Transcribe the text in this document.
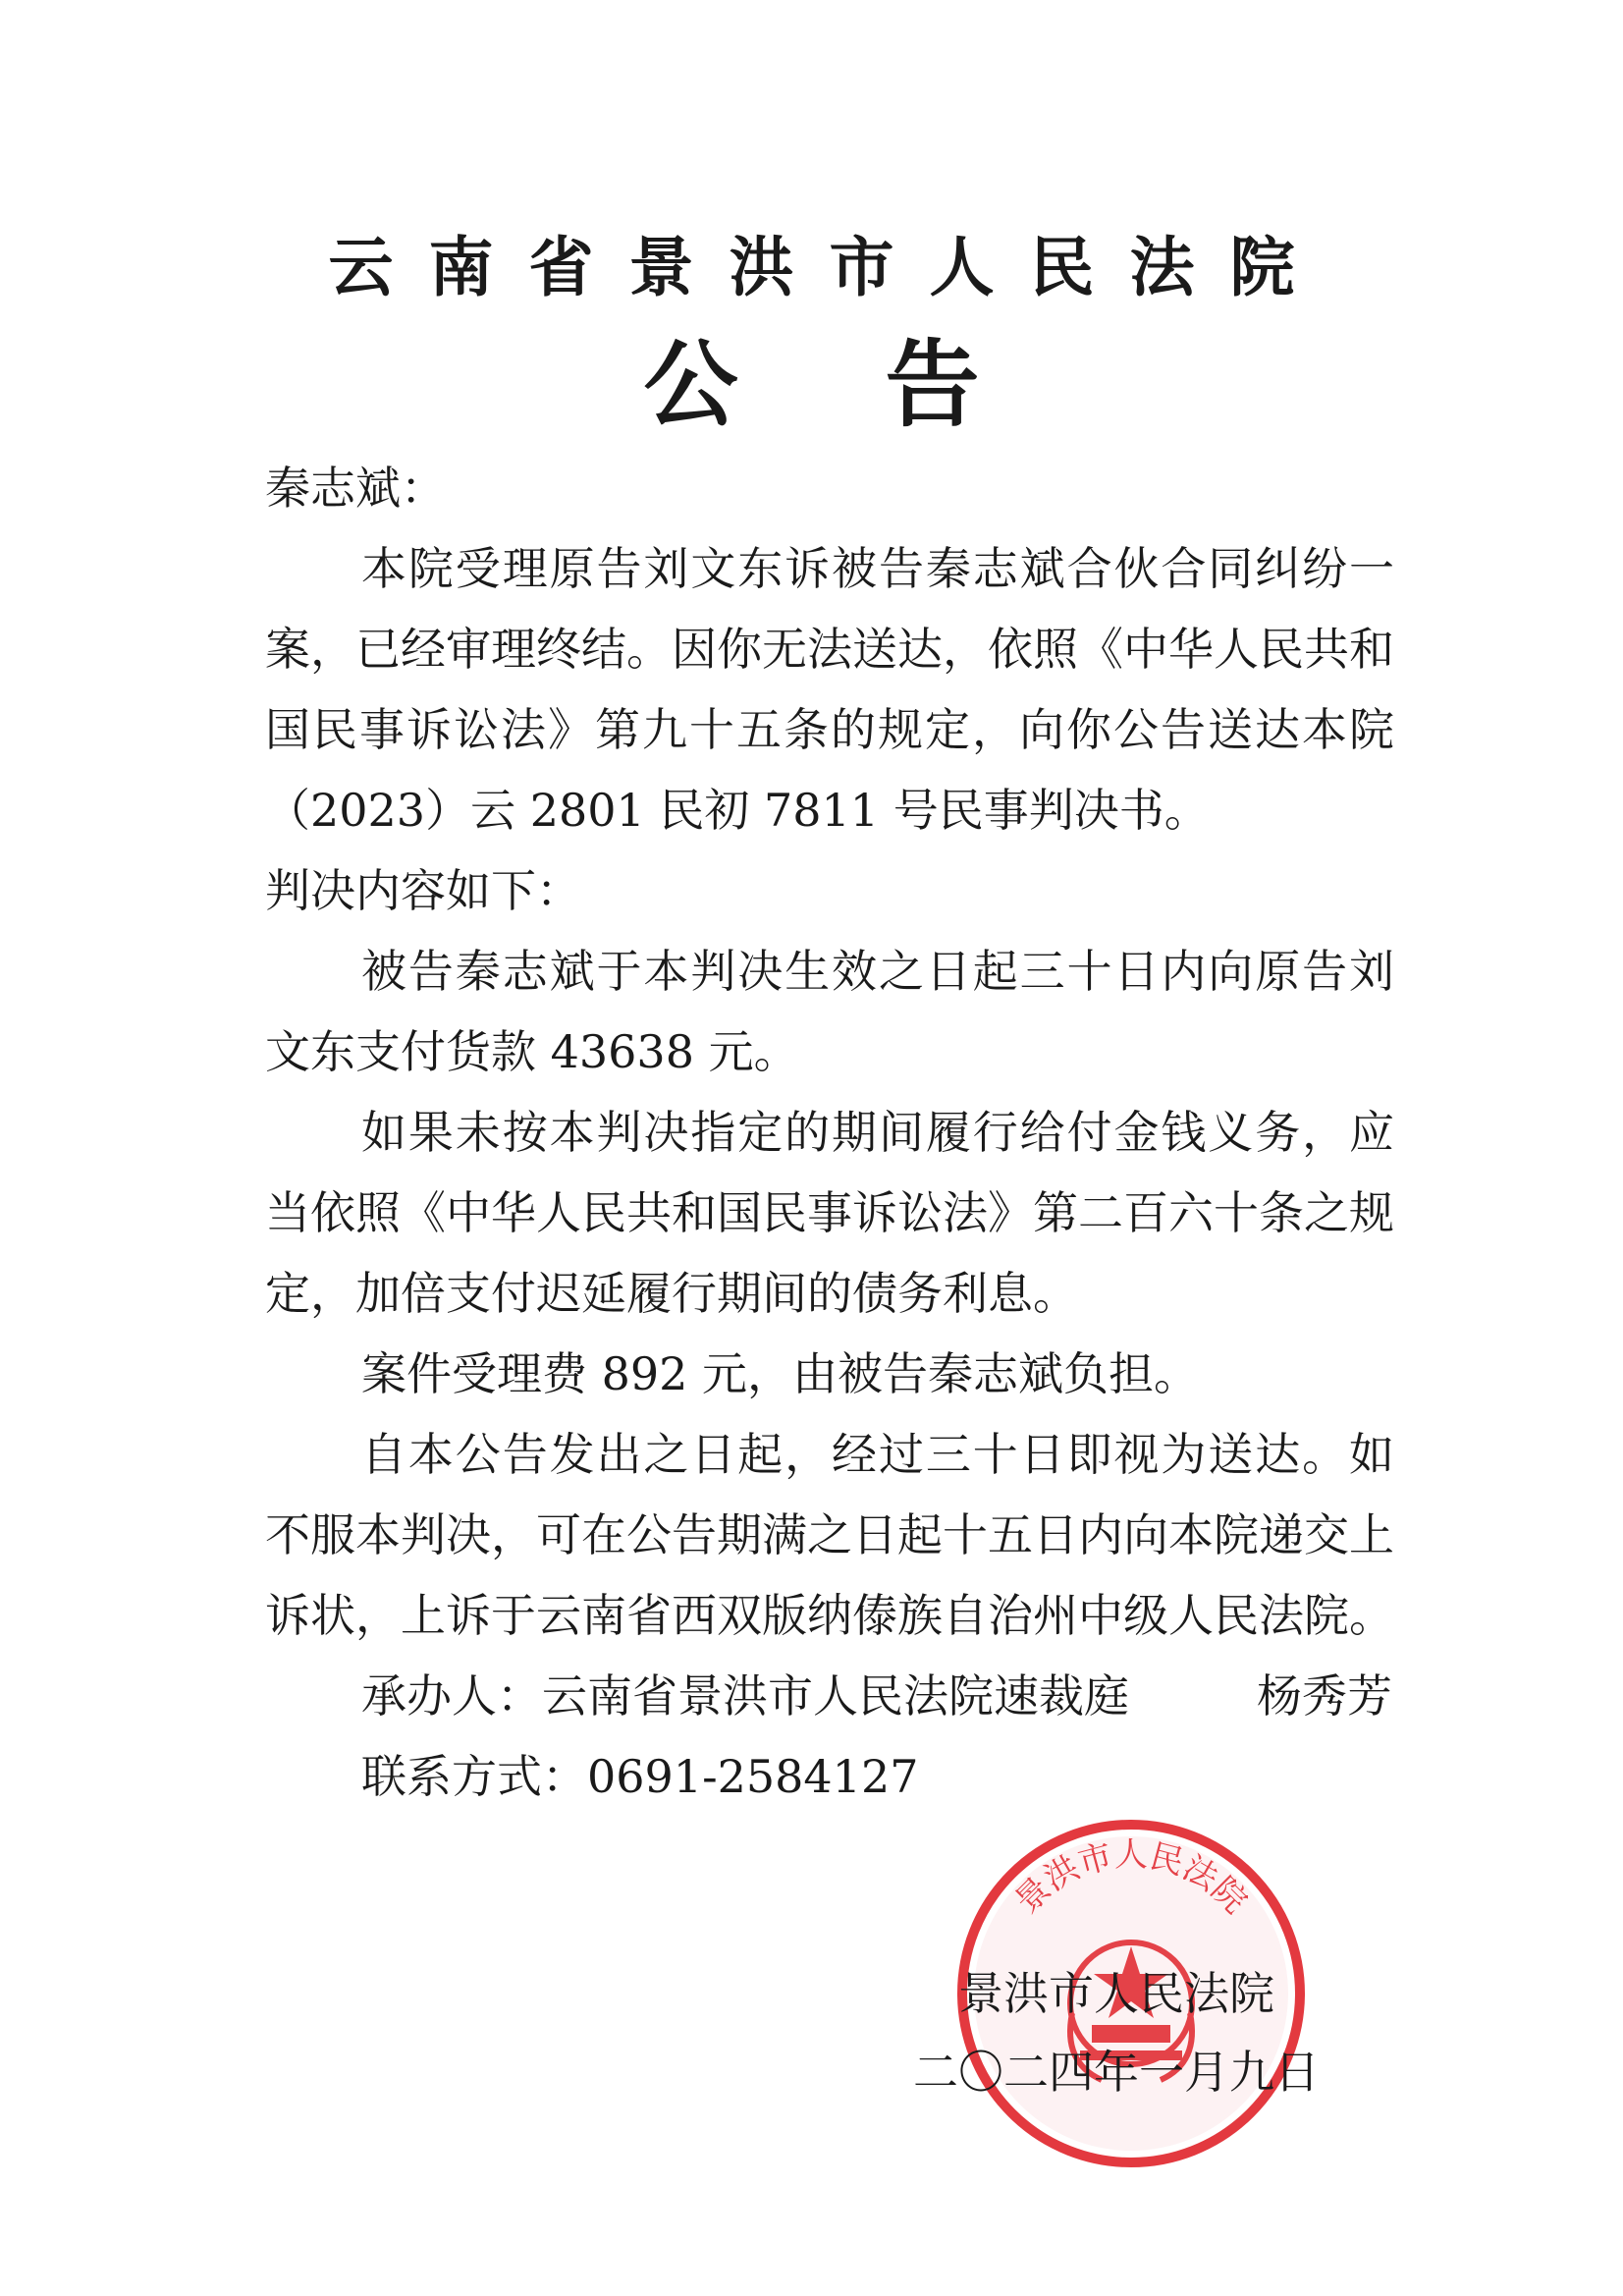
云南省景洪市人民法院
公告

秦志斌：

本院受理原告刘文东诉被告秦志斌合伙合同纠纷一案，已经审理终结。因你无法送达，依照《中华人民共和国民事诉讼法》第九十五条的规定，向你公告送达本院（2023）云 2801 民初 7811 号民事判决书。

判决内容如下：

被告秦志斌于本判决生效之日起三十日内向原告刘文东支付货款 43638 元。

如果未按本判决指定的期间履行给付金钱义务，应当依照《中华人民共和国民事诉讼法》第二百六十条之规定，加倍支付迟延履行期间的债务利息。

案件受理费 892 元，由被告秦志斌负担。

自本公告发出之日起，经过三十日即视为送达。如不服本判决，可在公告期满之日起十五日内向本院递交上诉状，上诉于云南省西双版纳傣族自治州中级人民法院。

承办人：云南省景洪市人民法院速裁庭	杨秀芳
联系方式：0691-2584127
景洪市人民法院
景洪市人民法院
二〇二四年一月九日
